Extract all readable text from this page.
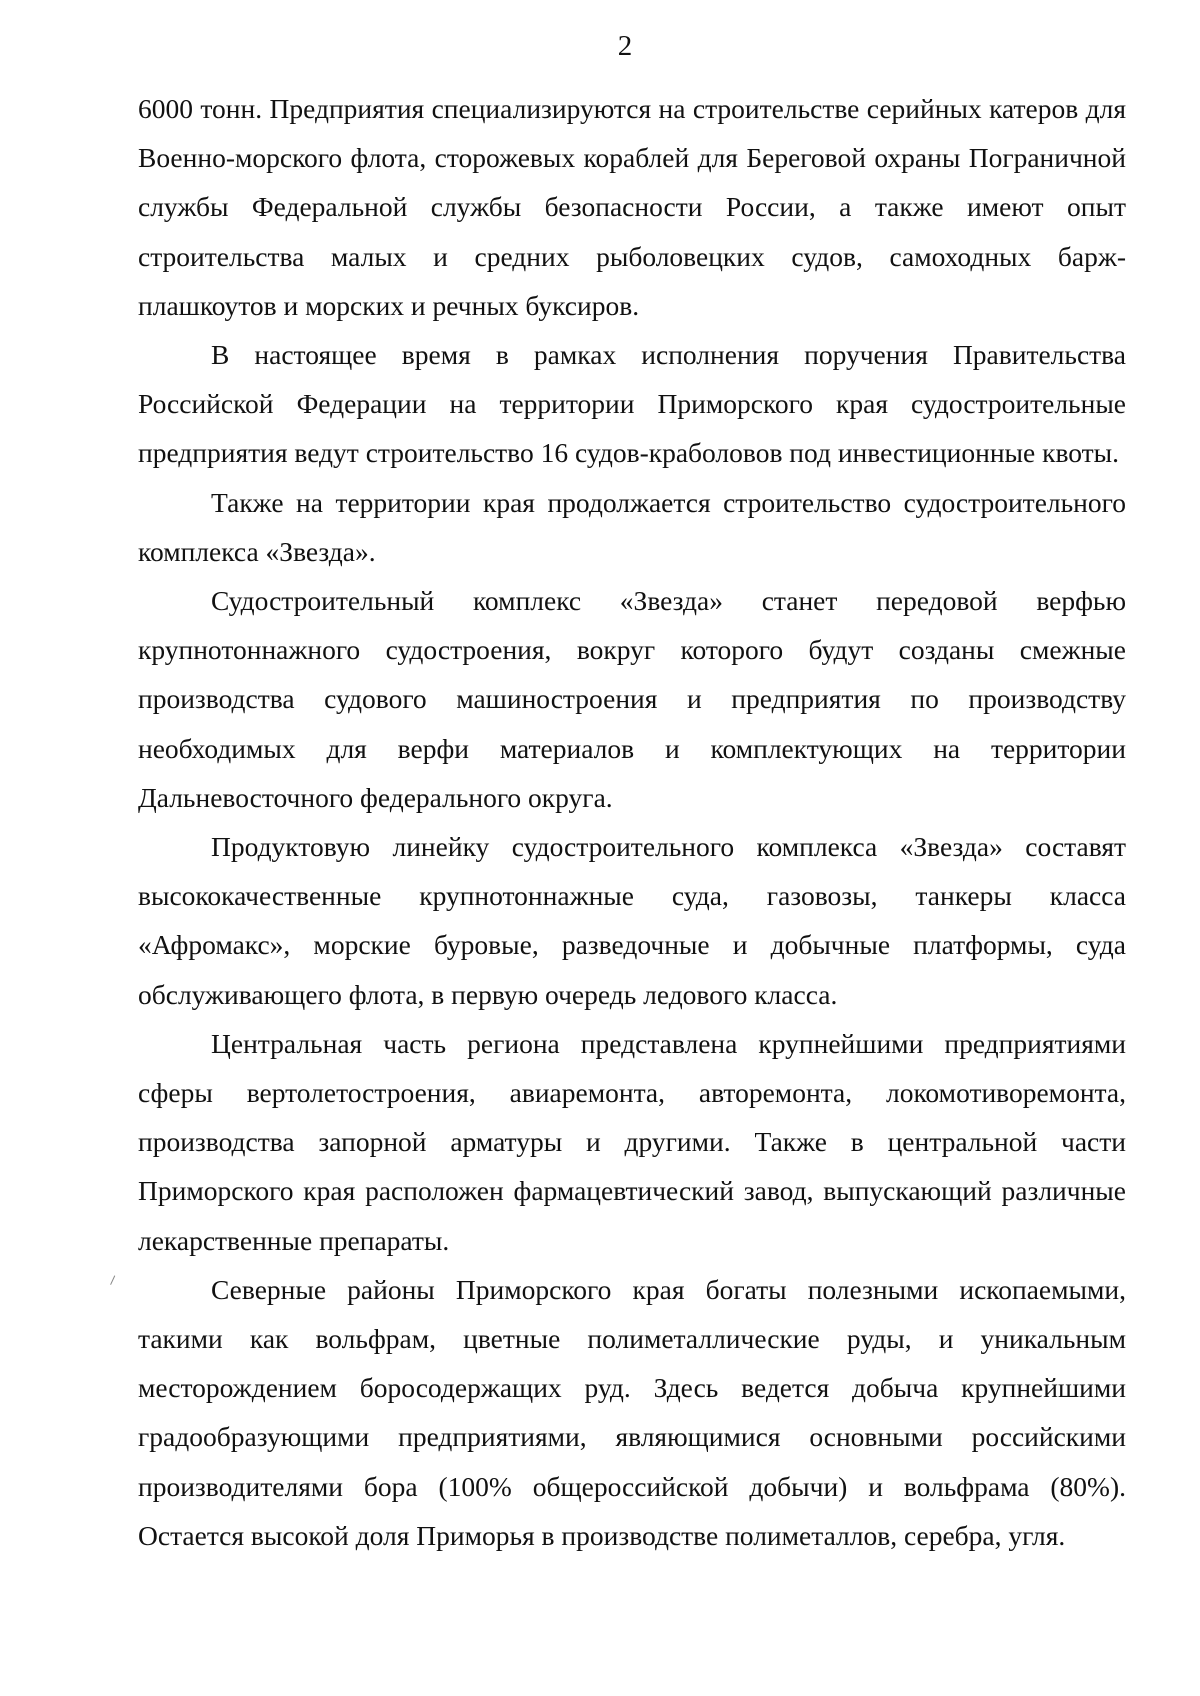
2

6000 тонн. Предприятия специализируются на строительстве серийных катеров для Военно-морского флота, сторожевых кораблей для Береговой охраны Пограничной службы Федеральной службы безопасности России, а также имеют опыт строительства малых и средних рыболовецких судов, самоходных барж-плашкоутов и морских и речных буксиров.

В настоящее время в рамках исполнения поручения Правительства Российской Федерации на территории Приморского края судостроительные предприятия ведут строительство 16 судов-краболовов под инвестиционные квоты.

Также на территории края продолжается строительство судостроительного комплекса «Звезда».

Судостроительный комплекс «Звезда» станет передовой верфью крупнотоннажного судостроения, вокруг которого будут созданы смежные производства судового машиностроения и предприятия по производству необходимых для верфи материалов и комплектующих на территории Дальневосточного федерального округа.

Продуктовую линейку судостроительного комплекса «Звезда» составят высококачественные крупнотоннажные суда, газовозы, танкеры класса «Афромакс», морские буровые, разведочные и добычные платформы, суда обслуживающего флота, в первую очередь ледового класса.

Центральная часть региона представлена крупнейшими предприятиями сферы вертолетостроения, авиаремонта, авторемонта, локомотиворемонта, производства запорной арматуры и другими. Также в центральной части Приморского края расположен фармацевтический завод, выпускающий различные лекарственные препараты.

Северные районы Приморского края богаты полезными ископаемыми, такими как вольфрам, цветные полиметаллические руды, и уникальным месторождением боросодержащих руд. Здесь ведется добыча крупнейшими градообразующими предприятиями, являющимися основными российскими производителями бора (100% общероссийской добычи) и вольфрама (80%). Остается высокой доля Приморья в производстве полиметаллов, серебра, угля.
